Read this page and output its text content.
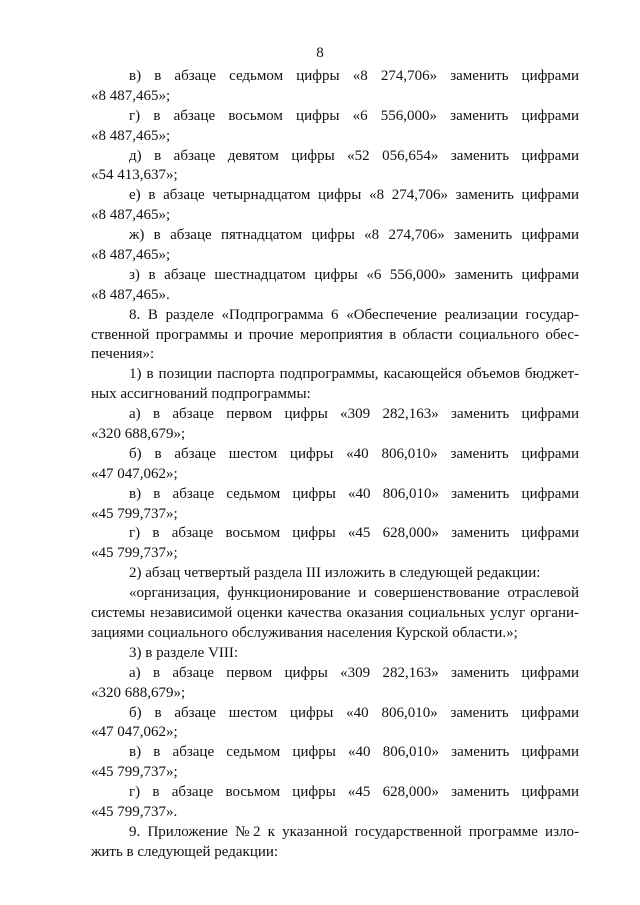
8
в) в абзаце седьмом цифры «8 274,706» заменить цифрами
«8 487,465»;
г) в абзаце восьмом цифры «6 556,000» заменить цифрами
«8 487,465»;
д) в абзаце девятом цифры «52 056,654» заменить цифрами
«54 413,637»;
е) в абзаце четырнадцатом цифры «8 274,706» заменить цифрами
«8 487,465»;
ж) в абзаце пятнадцатом цифры «8 274,706» заменить цифрами
«8 487,465»;
з) в абзаце шестнадцатом цифры «6 556,000» заменить цифрами
«8 487,465».
8. В разделе «Подпрограмма 6 «Обеспечение реализации государ-
ственной программы и прочие мероприятия в области социального обес-
печения»:
1) в позиции паспорта подпрограммы, касающейся объемов бюджет-
ных ассигнований подпрограммы:
а) в абзаце первом цифры «309 282,163» заменить цифрами
«320 688,679»;
б) в абзаце шестом цифры «40 806,010» заменить цифрами
«47 047,062»;
в) в абзаце седьмом цифры «40 806,010» заменить цифрами
«45 799,737»;
г) в абзаце восьмом цифры «45 628,000» заменить цифрами
«45 799,737»;
2) абзац четвертый раздела III изложить в следующей редакции:
«организация, функционирование и совершенствование отраслевой
системы независимой оценки качества оказания социальных услуг органи-
зациями социального обслуживания населения Курской области.»;
3) в разделе VIII:
а) в абзаце первом цифры «309 282,163» заменить цифрами
«320 688,679»;
б) в абзаце шестом цифры «40 806,010» заменить цифрами
«47 047,062»;
в) в абзаце седьмом цифры «40 806,010» заменить цифрами
«45 799,737»;
г) в абзаце восьмом цифры «45 628,000» заменить цифрами
«45 799,737».
9. Приложение №2 к указанной государственной программе изло-
жить в следующей редакции:
